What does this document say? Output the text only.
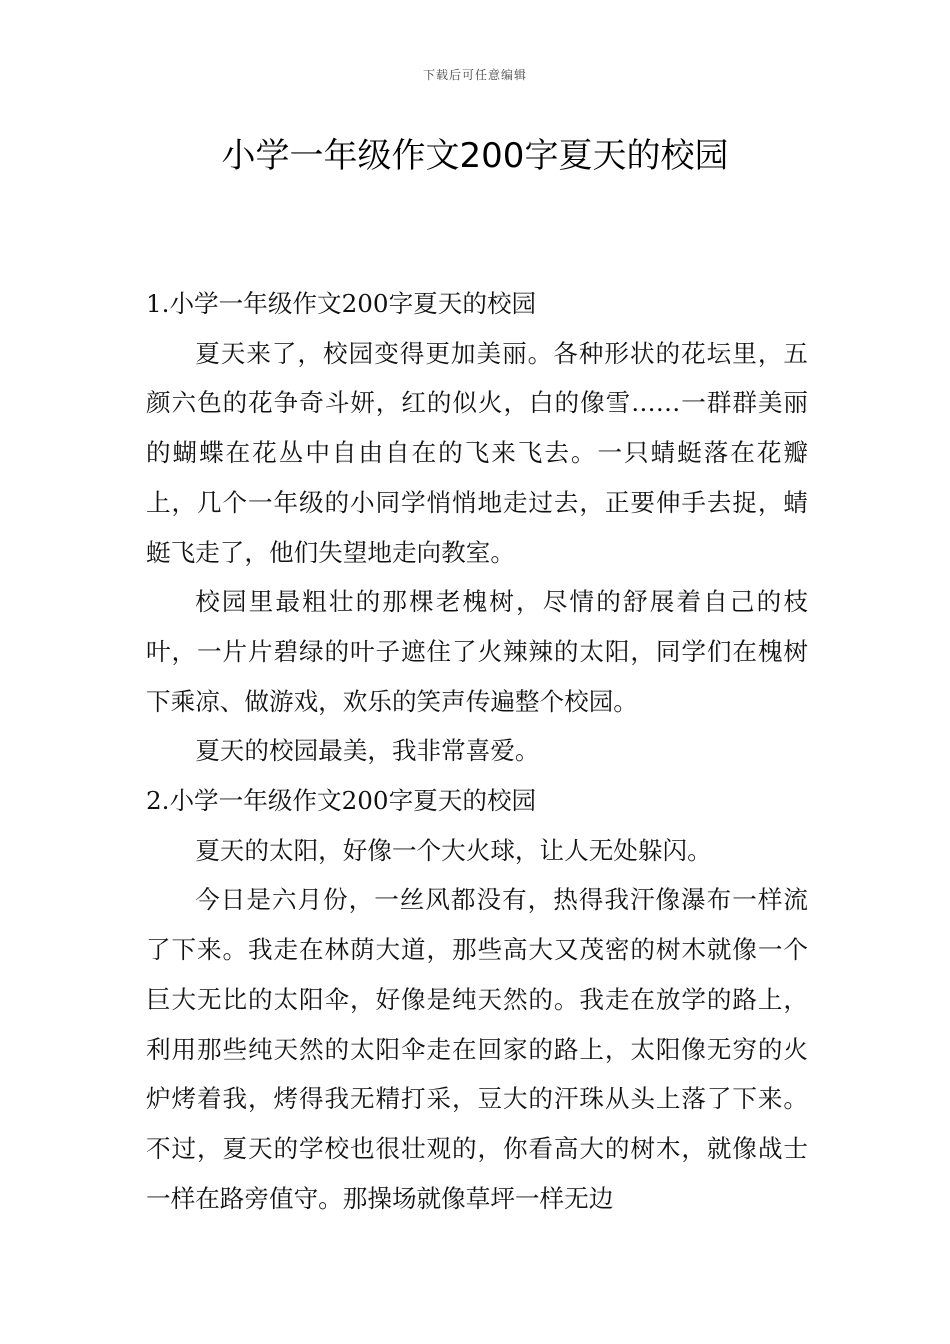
下载后可任意编辑
小学一年级作文200字夏天的校园

1.小学一年级作文200字夏天的校园

夏天来了，校园变得更加美丽。各种形状的花坛里，五颜六色的花争奇斗妍，红的似火，白的像雪……一群群美丽的蝴蝶在花丛中自由自在的飞来飞去。一只蜻蜓落在花瓣上，几个一年级的小同学悄悄地走过去，正要伸手去捉，蜻蜓飞走了，他们失望地走向教室。

校园里最粗壮的那棵老槐树，尽情的舒展着自己的枝叶，一片片碧绿的叶子遮住了火辣辣的太阳，同学们在槐树下乘凉、做游戏，欢乐的笑声传遍整个校园。

夏天的校园最美，我非常喜爱。

2.小学一年级作文200字夏天的校园

夏天的太阳，好像一个大火球，让人无处躲闪。

今日是六月份，一丝风都没有，热得我汗像瀑布一样流了下来。我走在林荫大道，那些高大又茂密的树木就像一个巨大无比的太阳伞，好像是纯天然的。我走在放学的路上，利用那些纯天然的太阳伞走在回家的路上，太阳像无穷的火炉烤着我，烤得我无精打采，豆大的汗珠从头上落了下来。不过，夏天的学校也很壮观的，你看高大的树木，就像战士一样在路旁值守。那操场就像草坪一样无边
